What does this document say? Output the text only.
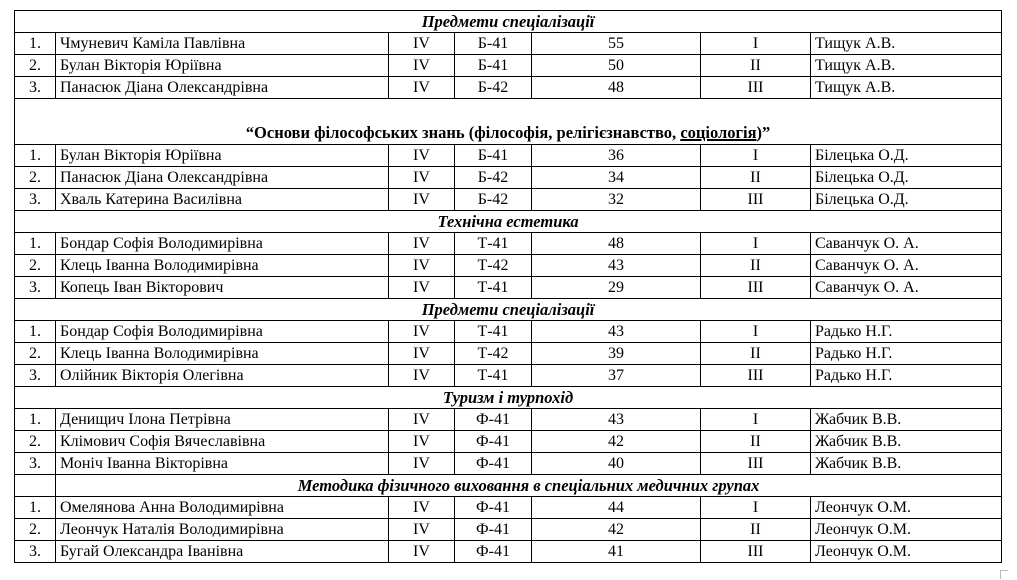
Предмети спеціалізації						
1.	Чмуневич Каміла Павлівна	IV	Б-41	55	I	Тищук А.В.
2.	Булан Вікторія Юріївна	IV	Б-41	50	II	Тищук А.В.
3.	Панасюк Діана Олександрівна	IV	Б-42	48	III	Тищук А.В.
“Основи філософських знань (філософія, релігієзнавство, соціологія)”						
1.	Булан Вікторія Юріївна	IV	Б-41	36	I	Білецька О.Д.
2.	Панасюк Діана Олександрівна	IV	Б-42	34	II	Білецька О.Д.
3.	Хваль Катерина Василівна	IV	Б-42	32	III	Білецька О.Д.
Технічна естетика						
1.	Бондар Софія Володимирівна	IV	Т-41	48	I	Саванчук О. А.
2.	Клець Іванна Володимирівна	IV	Т-42	43	II	Саванчук О. А.
3.	Копець Іван Вікторович	IV	Т-41	29	III	Саванчук О. А.
Предмети спеціалізації						
1.	Бондар Софія Володимирівна	IV	Т-41	43	I	Радько Н.Г.
2.	Клець Іванна Володимирівна	IV	Т-42	39	II	Радько Н.Г.
3.	Олійник Вікторія Олегівна	IV	Т-41	37	III	Радько Н.Г.
Туризм і турпохід						
1.	Денищич Ілона Петрівна	IV	Ф-41	43	I	Жабчик В.В.
2.	Клімович Софія Вячеславівна	IV	Ф-41	42	II	Жабчик В.В.
3.	Моніч Іванна Вікторівна	IV	Ф-41	40	III	Жабчик В.В.
	Методика фізичного виховання в спеціальних медичних групах					
1.	Омелянова Анна Володимирівна	IV	Ф-41	44	I	Леончук О.М.
2.	Леончук Наталія Володимирівна	IV	Ф-41	42	II	Леончук О.М.
3.	Бугай Олександра Іванівна	IV	Ф-41	41	III	Леончук О.М.
